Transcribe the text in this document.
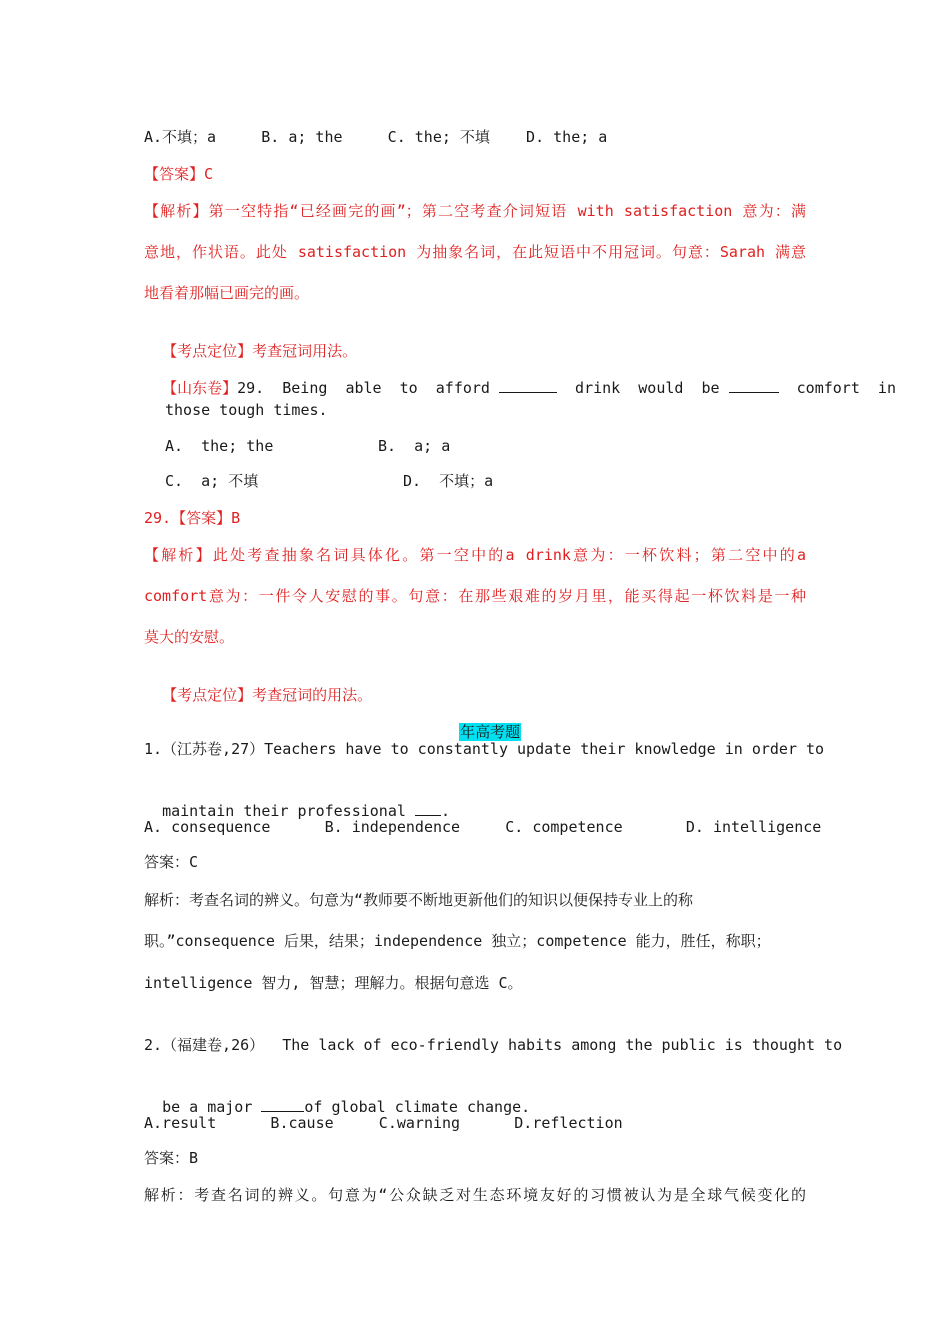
A.不填；a     B. a; the     C. the; 不填    D. the; a
【答案】C
【解析】第一空特指“已经画完的画”；第二空考查介词短语 with satisfaction 意为：满
意地，作状语。此处 satisfaction 为抽象名词，在此短语中不用冠词。句意：Sarah 满意
地看着那幅已画完的画。

【考点定位】考查冠词用法。

【山东卷】29.  Being  able  to  afford	drink  would  be	comfort  in

those tough times.
A.  the; the	B.  a; a
C.  a; 不填	D.  不填；a
29.【答案】B
【解析】此处考查抽象名词具体化。第一空中的a drink意为：一杯饮料；第二空中的a
comfort意为：一件令人安慰的事。句意：在那些艰难的岁月里，能买得起一杯饮料是一种
莫大的安慰。

【考点定位】考查冠词的用法。

年高考题

1.（江苏卷,27）Teachers have to constantly update their knowledge in order to

maintain their professional .

A. consequence      B. independence     C. competence       D. intelligence
答案：C
解析：考查名词的辨义。句意为“教师要不断地更新他们的知识以便保持专业上的称
职。”consequence 后果，结果；independence 独立；competence 能力，胜任，称职；
intelligence 智力, 智慧；理解力。根据句意选 C。
2.（福建卷,26）  The lack of eco-friendly habits among the public is thought to

be a major	of global climate change.

A.result      B.cause     C.warning      D.reflection
答案：B
解析：考查名词的辨义。句意为“公众缺乏对生态环境友好的习惯被认为是全球气候变化的
